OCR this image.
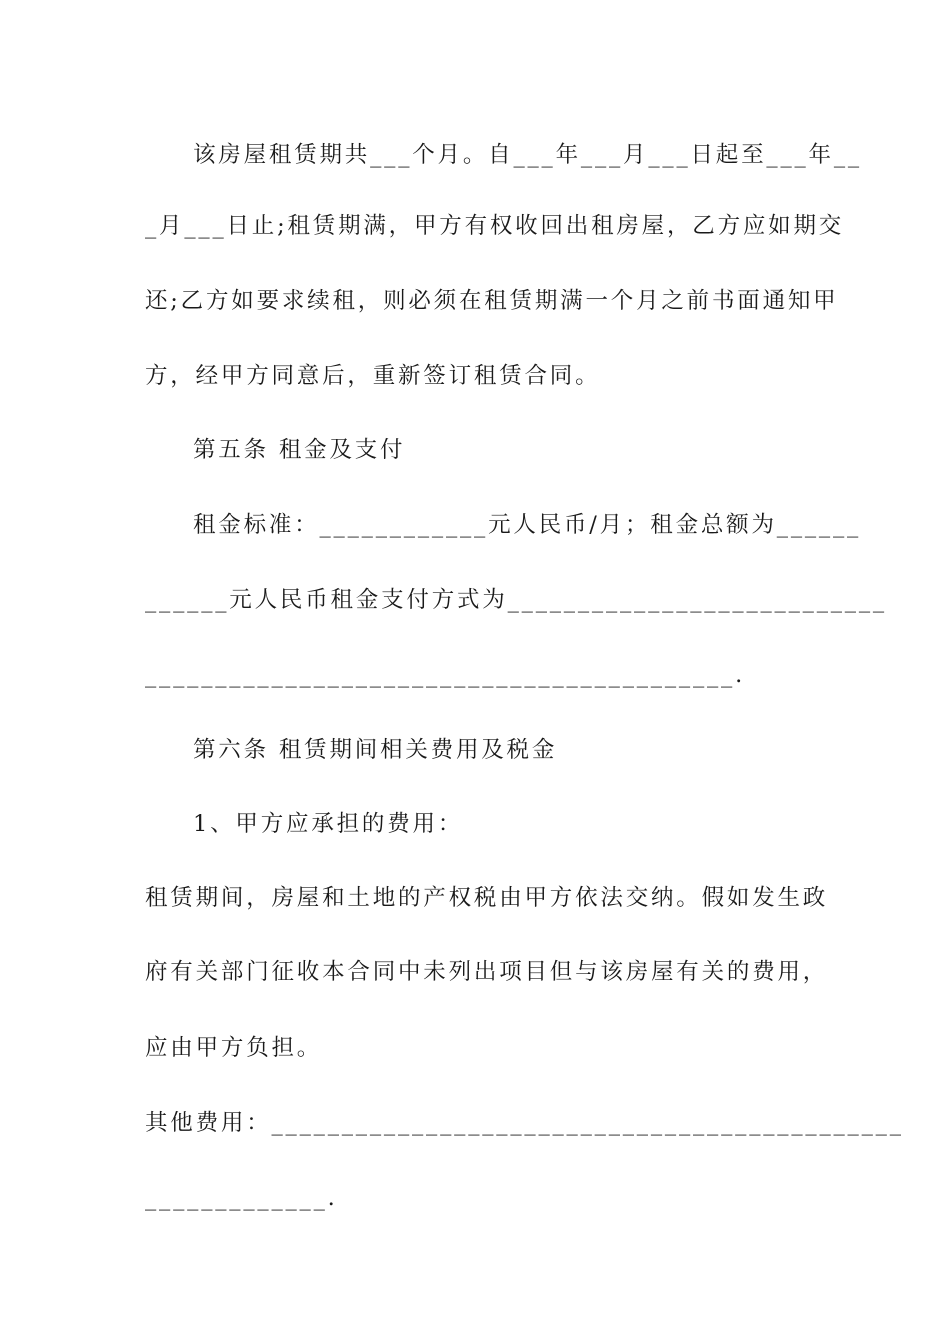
该房屋租赁期共___个月。自___年___月___日起至___年__
_月___日止;租赁期满，甲方有权收回出租房屋，乙方应如期交
还;乙方如要求续租，则必须在租赁期满一个月之前书面通知甲
方，经甲方同意后，重新签订租赁合同。
第五条 租金及支付
租金标准：____________元人民币/月；租金总额为______
______元人民币租金支付方式为___________________________
__________________________________________.
第六条 租赁期间相关费用及税金
1、甲方应承担的费用：
租赁期间，房屋和土地的产权税由甲方依法交纳。假如发生政
府有关部门征收本合同中未列出项目但与该房屋有关的费用，
应由甲方负担。
其他费用：_____________________________________________
_____________.
